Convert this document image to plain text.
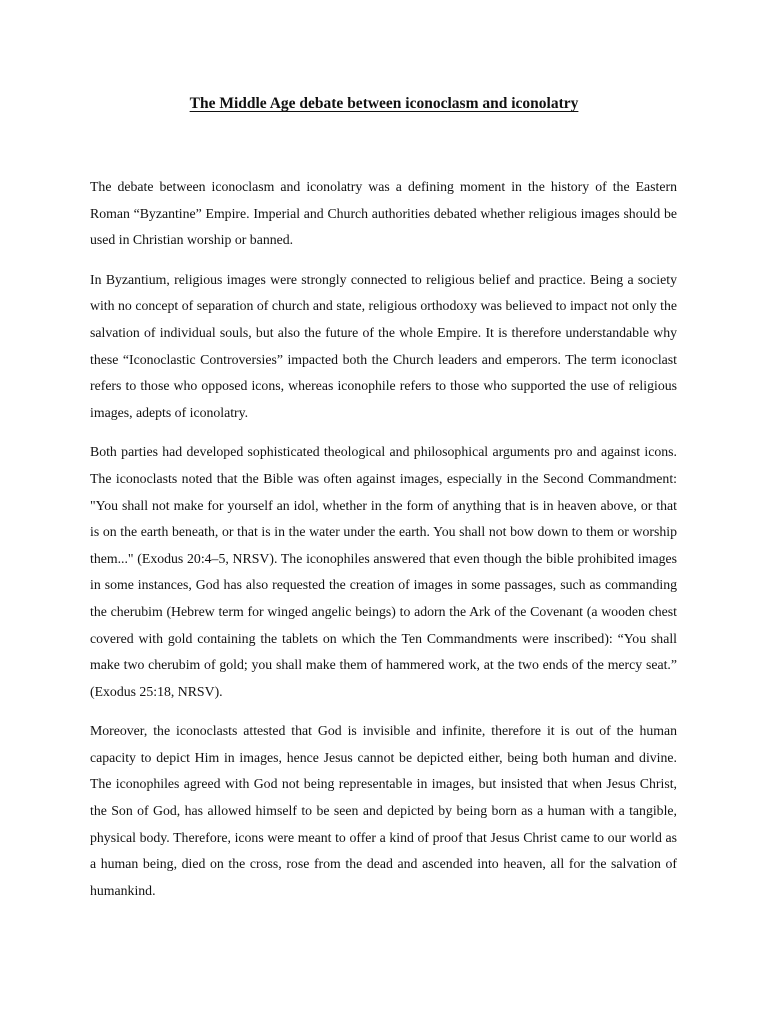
The Middle Age debate between iconoclasm and iconolatry

The debate between iconoclasm and iconolatry was a defining moment in the history of the Eastern Roman “Byzantine” Empire. Imperial and Church authorities debated whether religious images should be used in Christian worship or banned.

In Byzantium, religious images were strongly connected to religious belief and practice. Being a society with no concept of separation of church and state, religious orthodoxy was believed to impact not only the salvation of individual souls, but also the future of the whole Empire. It is therefore understandable why these “Iconoclastic Controversies” impacted both the Church leaders and emperors. The term iconoclast refers to those who opposed icons, whereas iconophile refers to those who supported the use of religious images, adepts of iconolatry.

Both parties had developed sophisticated theological and philosophical arguments pro and against icons. The iconoclasts noted that the Bible was often against images, especially in the Second Commandment: "You shall not make for yourself an idol, whether in the form of anything that is in heaven above, or that is on the earth beneath, or that is in the water under the earth. You shall not bow down to them or worship them..." (Exodus 20:4–5, NRSV). The iconophiles answered that even though the bible prohibited images in some instances, God has also requested the creation of images in some passages, such as commanding the cherubim (Hebrew term for winged angelic beings) to adorn the Ark of the Covenant (a wooden chest covered with gold containing the tablets on which the Ten Commandments were inscribed): “You shall make two cherubim of gold; you shall make them of hammered work, at the two ends of the mercy seat.” (Exodus 25:18, NRSV).

Moreover, the iconoclasts attested that God is invisible and infinite, therefore it is out of the human capacity to depict Him in images, hence Jesus cannot be depicted either, being both human and divine. The iconophiles agreed with God not being representable in images, but insisted that when Jesus Christ, the Son of God, has allowed himself to be seen and depicted by being born as a human with a tangible, physical body. Therefore, icons were meant to offer a kind of proof that Jesus Christ came to our world as a human being, died on the cross, rose from the dead and ascended into heaven, all for the salvation of humankind.
